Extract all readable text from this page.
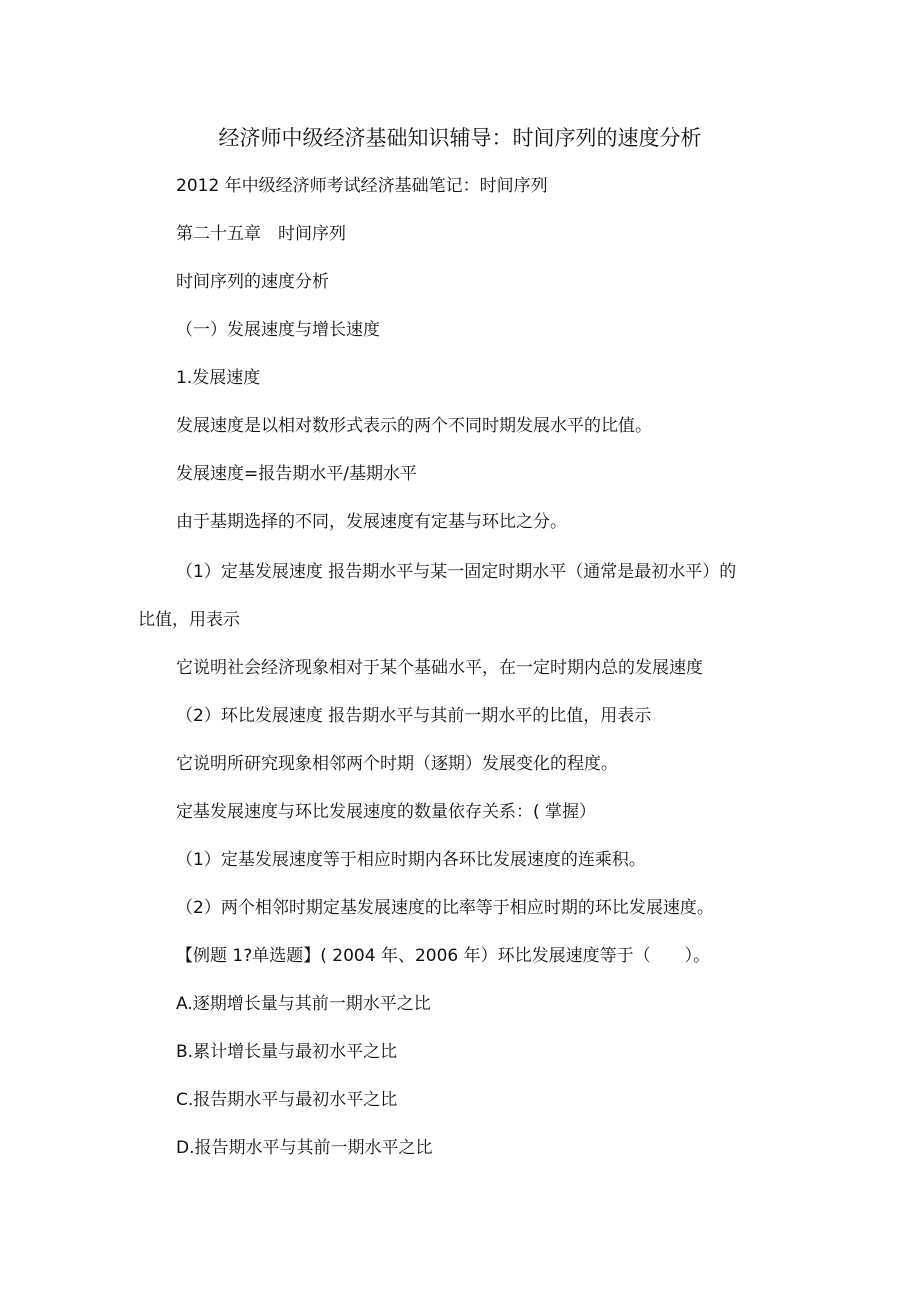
经济师中级经济基础知识辅导：时间序列的速度分析
2012 年中级经济师考试经济基础笔记：时间序列
第二十五章　时间序列
时间序列的速度分析
（一）发展速度与增长速度
1.发展速度
发展速度是以相对数形式表示的两个不同时期发展水平的比值。
发展速度=报告期水平/基期水平
由于基期选择的不同，发展速度有定基与环比之分。
（1）定基发展速度 报告期水平与某一固定时期水平（通常是最初水平）的
比值，用表示
它说明社会经济现象相对于某个基础水平，在一定时期内总的发展速度
（2）环比发展速度 报告期水平与其前一期水平的比值，用表示
它说明所研究现象相邻两个时期（逐期）发展变化的程度。
定基发展速度与环比发展速度的数量依存关系：( 掌握）
（1）定基发展速度等于相应时期内各环比发展速度的连乘积。
（2）两个相邻时期定基发展速度的比率等于相应时期的环比发展速度。
【例题 1?单选题】( 2004 年、2006 年）环比发展速度等于（　　）。
A.逐期增长量与其前一期水平之比
B.累计增长量与最初水平之比
C.报告期水平与最初水平之比
D.报告期水平与其前一期水平之比
